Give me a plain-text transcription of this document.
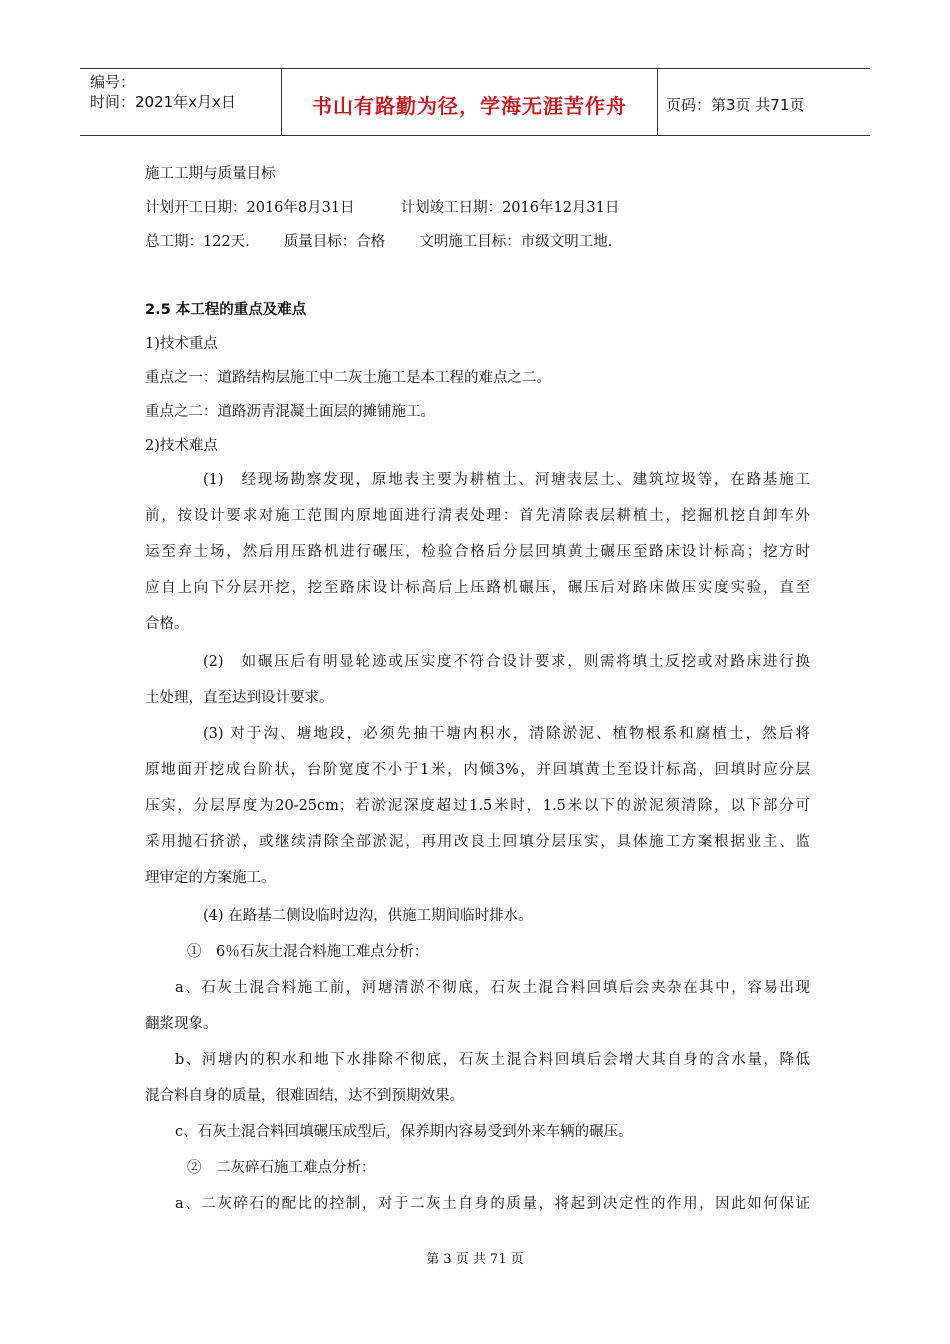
编号：
时间：2021年x月x日	书山有路勤为径，学海无涯苦作舟	页码：第3页 共71页
施工工期与质量目标
计划开工日期：2016年8月31日	计划竣工日期：2016年12月31日
总工期：122天. 质量目标：合格 文明施工目标：市级文明工地.
2.5 本工程的重点及难点
1)技术重点
重点之一：道路结构层施工中二灰土施工是本工程的难点之二。
重点之二：道路沥青混凝土面层的摊铺施工。
2)技术难点
(1)　经现场勘察发现，原地表主要为耕植土、河塘表层土、建筑垃圾等，在路基施工
前，按设计要求对施工范围内原地面进行清表处理：首先清除表层耕植土，挖掘机挖自卸车外
运至弃土场，然后用压路机进行碾压，检验合格后分层回填黄土碾压至路床设计标高；挖方时
应自上向下分层开挖，挖至路床设计标高后上压路机碾压，碾压后对路床做压实度实验，直至
合格。
(2)　如碾压后有明显轮迹或压实度不符合设计要求，则需将填土反挖或对路床进行换
土处理，直至达到设计要求。
(3) 对于沟、塘地段，必须先抽干塘内积水，清除淤泥、植物根系和腐植土，然后将
原地面开挖成台阶状，台阶宽度不小于1米，内倾3%，并回填黄土至设计标高，回填时应分层
压实，分层厚度为20-25cm；若淤泥深度超过1.5米时，1.5米以下的淤泥须清除，以下部分可
采用抛石挤淤，或继续清除全部淤泥，再用改良土回填分层压实，具体施工方案根据业主、监
理审定的方案施工。
(4) 在路基二侧设临时边沟，供施工期间临时排水。
①　6％石灰土混合料施工难点分析：
a、石灰土混合料施工前，河塘清淤不彻底，石灰土混合料回填后会夹杂在其中，容易出现
翻浆现象。
b、河塘内的积水和地下水排除不彻底，石灰土混合料回填后会增大其自身的含水量，降低
混合料自身的质量，很难固结，达不到预期效果。
c、石灰土混合料回填碾压成型后，保养期内容易受到外来车辆的碾压。
②　二灰碎石施工难点分析：
a、二灰碎石的配比的控制，对于二灰土自身的质量，将起到决定性的作用，因此如何保证
第 3 页 共 71 页
